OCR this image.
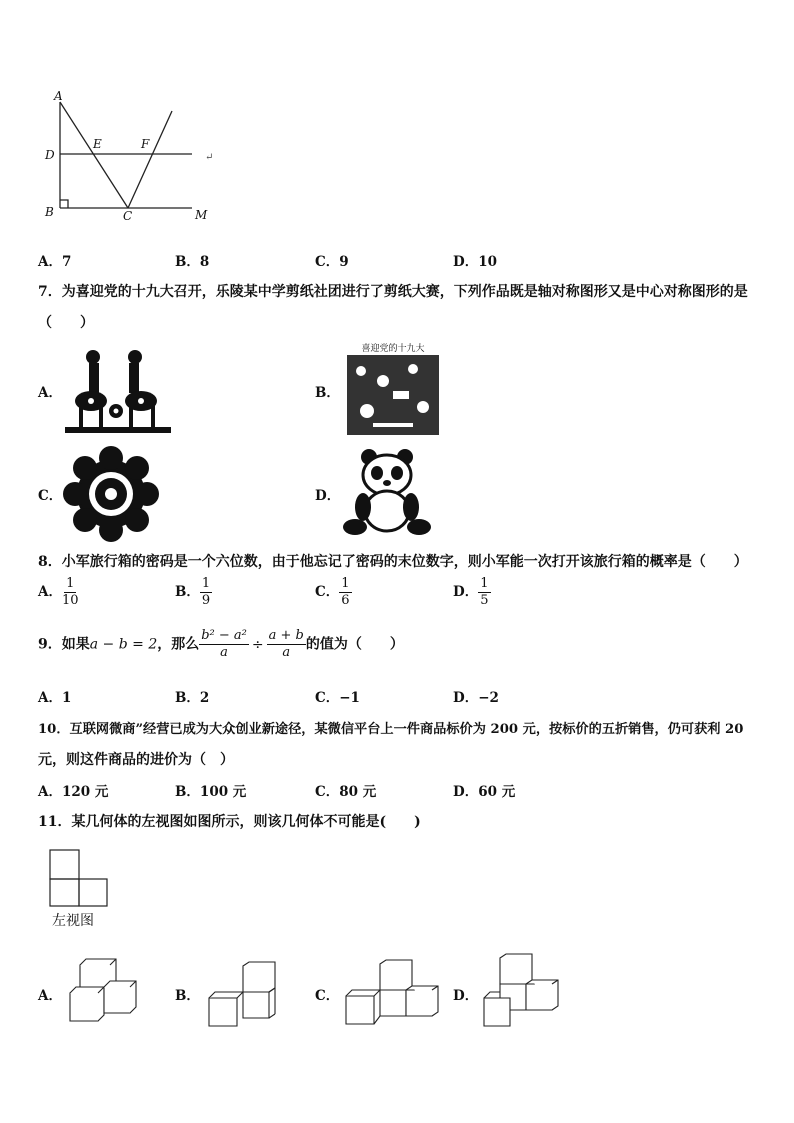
A
D
E	F
B	C	M
↵
A．7	B．8	C．9	D．10
7．为喜迎党的十九大召开，乐陵某中学剪纸社团进行了剪纸大赛，下列作品既是轴对称图形又是中心对称图形的是
（　　）
A．	B．
喜迎党的十九大
C．	D．
8．小军旅行箱的密码是一个六位数，由于他忘记了密码的末位数字，则小军能一次打开该旅行箱的概率是（　　）
A． $\frac{1}{10}$	B． $\frac{1}{9}$	C． $\frac{1}{6}$	D． $\frac{1}{5}$
9．如果a − b = 2，那么 $\frac{\text{b² − a²}}{a} \div \frac{a + b}{a}$ 的值为（　　）
A．1	B．2	C．−1	D．−2
10．互联网微商”经营已成为大众创业新途径，某微信平台上一件商品标价为 200 元，按标价的五折销售，仍可获利 20
元，则这件商品的进价为（　）
A．120 元	B．100 元	C．80 元	D．60 元
11．某几何体的左视图如图所示，则该几何体不可能是(　　)
左视图
A．	B．	C．	D．
